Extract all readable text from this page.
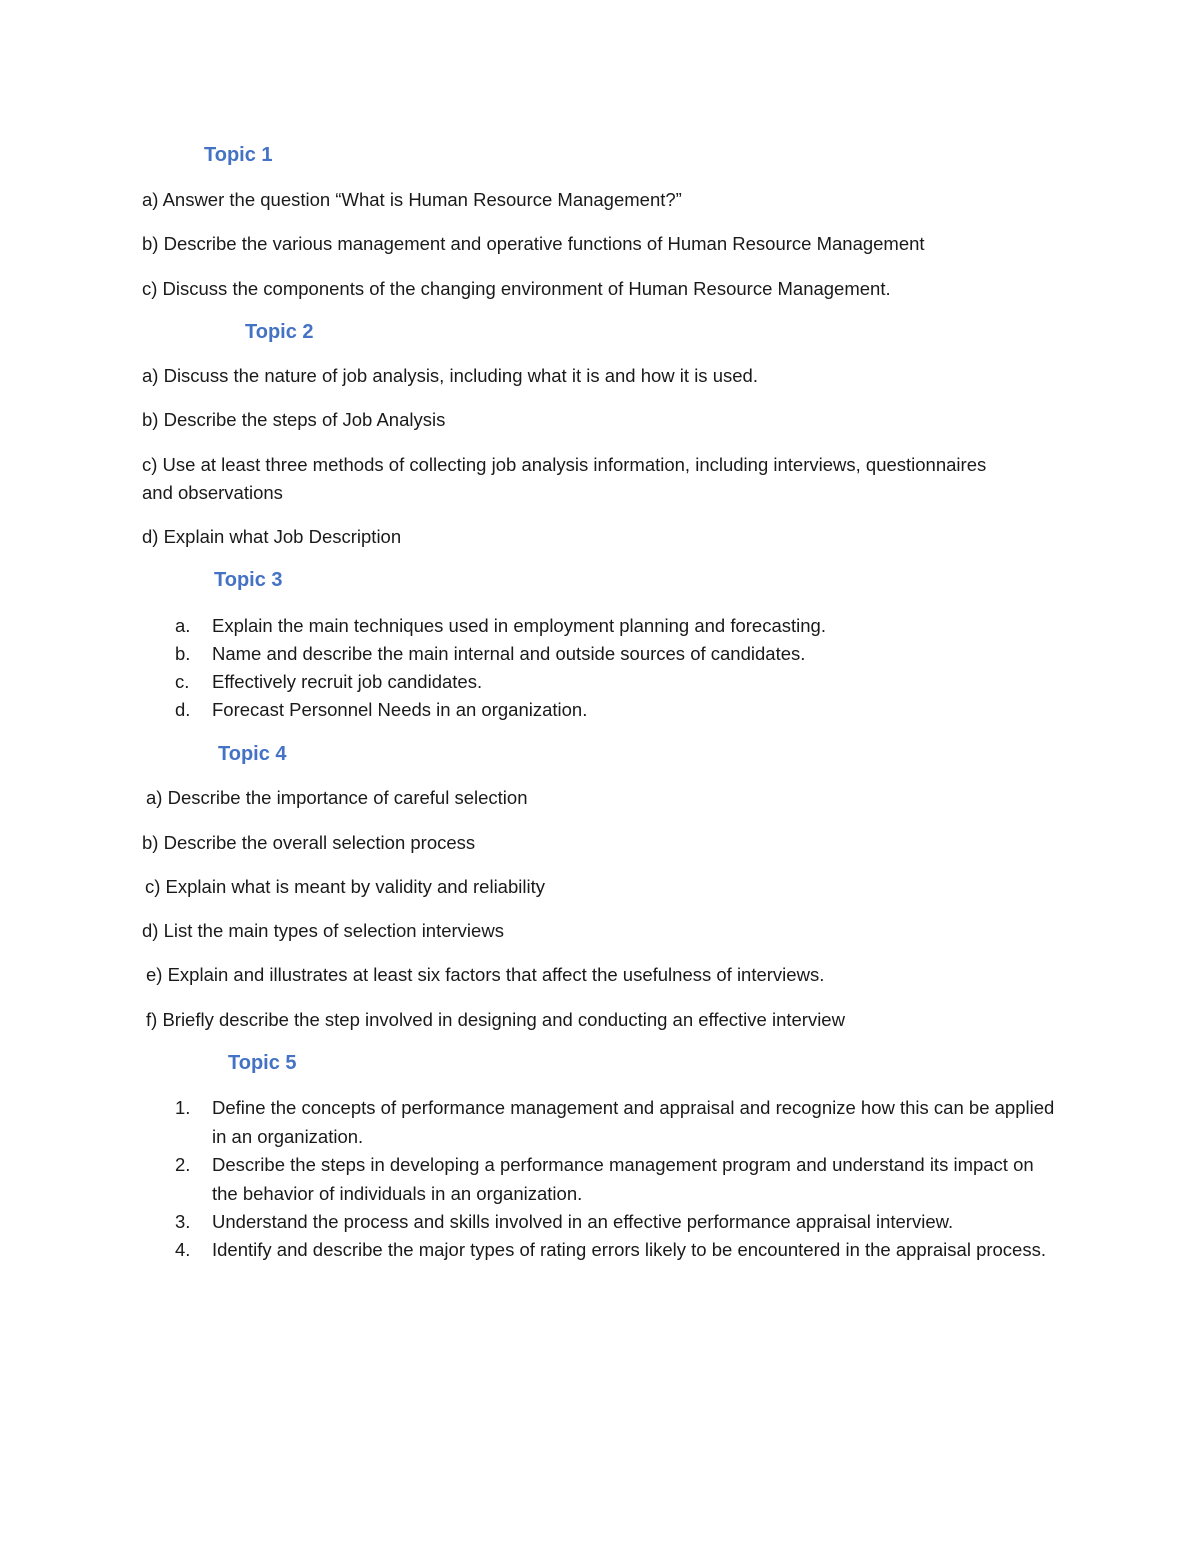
Topic 1
a) Answer the question “What is Human Resource Management?”
b) Describe the various management and operative functions of Human Resource Management
c) Discuss the components of the changing environment of Human Resource Management.
Topic 2
a) Discuss the nature of job analysis, including what it is and how it is used.
b) Describe the steps of Job Analysis
c) Use at least three methods of collecting job analysis information, including interviews, questionnaires
and observations
d) Explain what Job Description
Topic 3
a.	Explain the main techniques used in employment planning and forecasting.
b.	Name and describe the main internal and outside sources of candidates.
c.	Effectively recruit job candidates.
d.	Forecast Personnel Needs in an organization.
Topic 4
a) Describe the importance of careful selection
b) Describe the overall selection process
c) Explain what is meant by validity and reliability
d) List the main types of selection interviews
e) Explain and illustrates at least six factors that affect the usefulness of interviews.
f) Briefly describe the step involved in designing and conducting an effective interview
Topic 5
1.	Define the concepts of performance management and appraisal and recognize how this can be applied in an organization.
2.	Describe the steps in developing a performance management program and understand its impact on the behavior of individuals in an organization.
3.	Understand the process and skills involved in an effective performance appraisal interview.
4.	Identify and describe the major types of rating errors likely to be encountered in the appraisal process.
